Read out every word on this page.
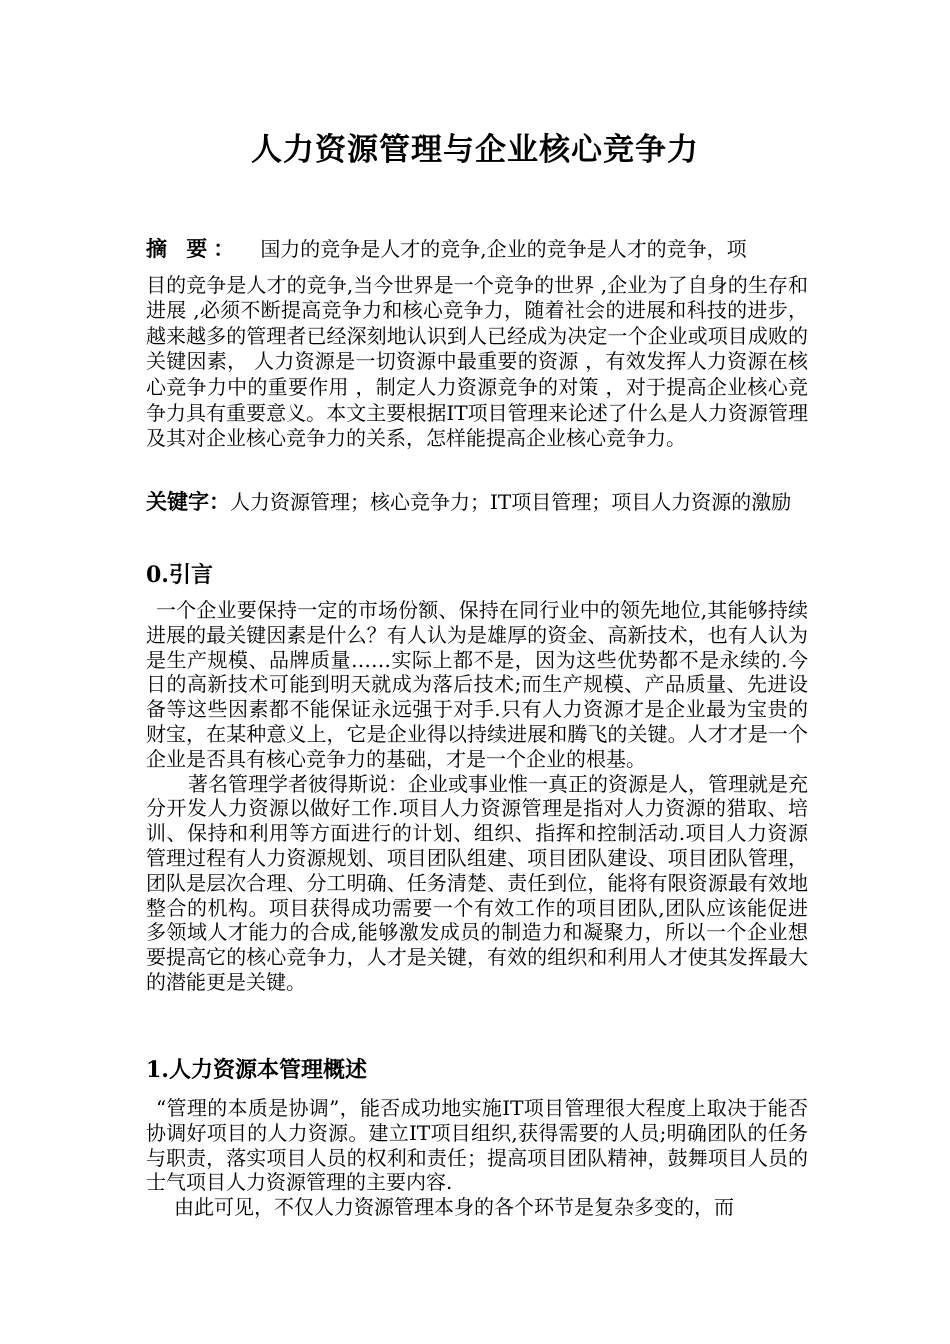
人力资源管理与企业核心竞争力
摘 要： 国力的竞争是人才的竞争,企业的竞争是人才的竞争，项
目的竞争是人才的竞争,当今世界是一个竞争的世界 ,企业为了自身的生存和进展 ,必须不断提高竞争力和核心竞争力，随着社会的进展和科技的进步，越来越多的管理者已经深刻地认识到人已经成为决定一个企业或项目成败的关键因素， 人力资源是一切资源中最重要的资源 ，有效发挥人力资源在核心竞争力中的重要作用 ，制定人力资源竞争的对策 ，对于提高企业核心竞争力具有重要意义。本文主要根据IT项目管理来论述了什么是人力资源管理及其对企业核心竞争力的关系，怎样能提高企业核心竞争力。
关键字：人力资源管理；核心竞争力；IT项目管理；项目人力资源的激励
0.引言

一个企业要保持一定的市场份额、保持在同行业中的领先地位,其能够持续进展的最关键因素是什么？有人认为是雄厚的资金、高新技术，也有人认为是生产规模、品牌质量……实际上都不是，因为这些优势都不是永续的.今日的高新技术可能到明天就成为落后技术;而生产规模、产品质量、先进设备等这些因素都不能保证永远强于对手.只有人力资源才是企业最为宝贵的财宝，在某种意义上，它是企业得以持续进展和腾飞的关键。人才才是一个企业是否具有核心竞争力的基础，才是一个企业的根基。

著名管理学者彼得斯说：企业或事业惟一真正的资源是人，管理就是充分开发人力资源以做好工作.项目人力资源管理是指对人力资源的猎取、培训、保持和利用等方面进行的计划、组织、指挥和控制活动.项目人力资源管理过程有人力资源规划、项目团队组建、项目团队建设、项目团队管理，团队是层次合理、分工明确、任务清楚、责任到位，能将有限资源最有效地整合的机构。项目获得成功需要一个有效工作的项目团队,团队应该能促进多领域人才能力的合成,能够激发成员的制造力和凝聚力，所以一个企业想要提高它的核心竞争力，人才是关键，有效的组织和利用人才使其发挥最大的潜能更是关键。

1.人力资源本管理概述

“管理的本质是协调”，能否成功地实施IT项目管理很大程度上取决于能否协调好项目的人力资源。建立IT项目组织,获得需要的人员;明确团队的任务与职责，落实项目人员的权利和责任；提高项目团队精神，鼓舞项目人员的士气项目人力资源管理的主要内容.

由此可见，不仅人力资源管理本身的各个环节是复杂多变的，而
